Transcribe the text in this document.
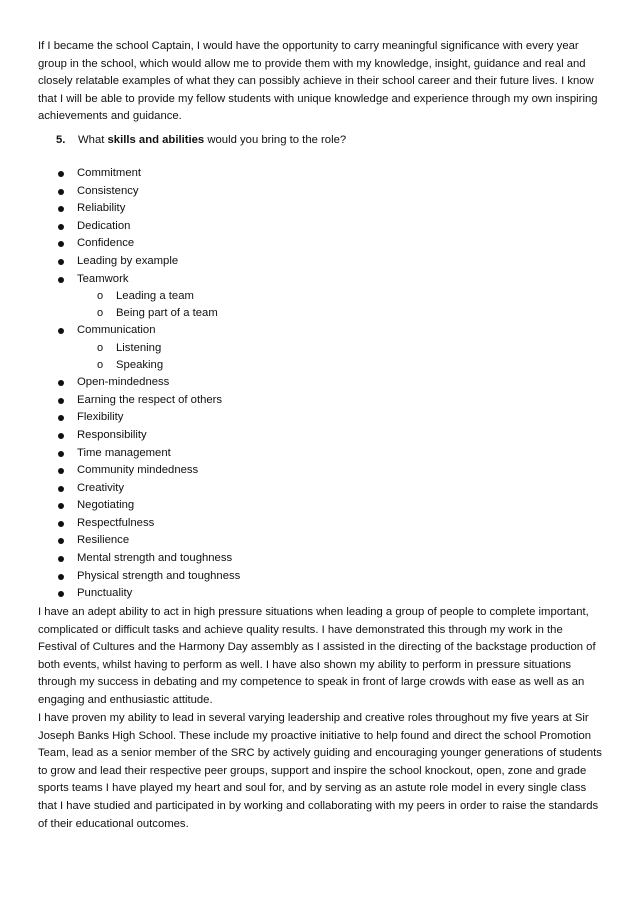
If I became the school Captain, I would have the opportunity to carry meaningful significance with every year group in the school, which would allow me to provide them with my knowledge, insight, guidance and real and closely relatable examples of what they can possibly achieve in their school career and their future lives. I know that I will be able to provide my fellow students with unique knowledge and experience through my own inspiring achievements and guidance.

5. What skills and abilities would you bring to the role?

Commitment
Consistency
Reliability
Dedication
Confidence
Leading by example
Teamwork
o Leading a team
o Being part of a team
Communication
o Listening
o Speaking
Open-mindedness
Earning the respect of others
Flexibility
Responsibility
Time management
Community mindedness
Creativity
Negotiating
Respectfulness
Resilience
Mental strength and toughness
Physical strength and toughness
Punctuality

I have an adept ability to act in high pressure situations when leading a group of people to complete important, complicated or difficult tasks and achieve quality results. I have demonstrated this through my work in the Festival of Cultures and the Harmony Day assembly as I assisted in the directing of the backstage production of both events, whilst having to perform as well. I have also shown my ability to perform in pressure situations through my success in debating and my competence to speak in front of large crowds with ease as well as an engaging and enthusiastic attitude.

I have proven my ability to lead in several varying leadership and creative roles throughout my five years at Sir Joseph Banks High School. These include my proactive initiative to help found and direct the school Promotion Team, lead as a senior member of the SRC by actively guiding and encouraging younger generations of students to grow and lead their respective peer groups, support and inspire the school knockout, open, zone and grade sports teams I have played my heart and soul for, and by serving as an astute role model in every single class that I have studied and participated in by working and collaborating with my peers in order to raise the standards of their educational outcomes.
